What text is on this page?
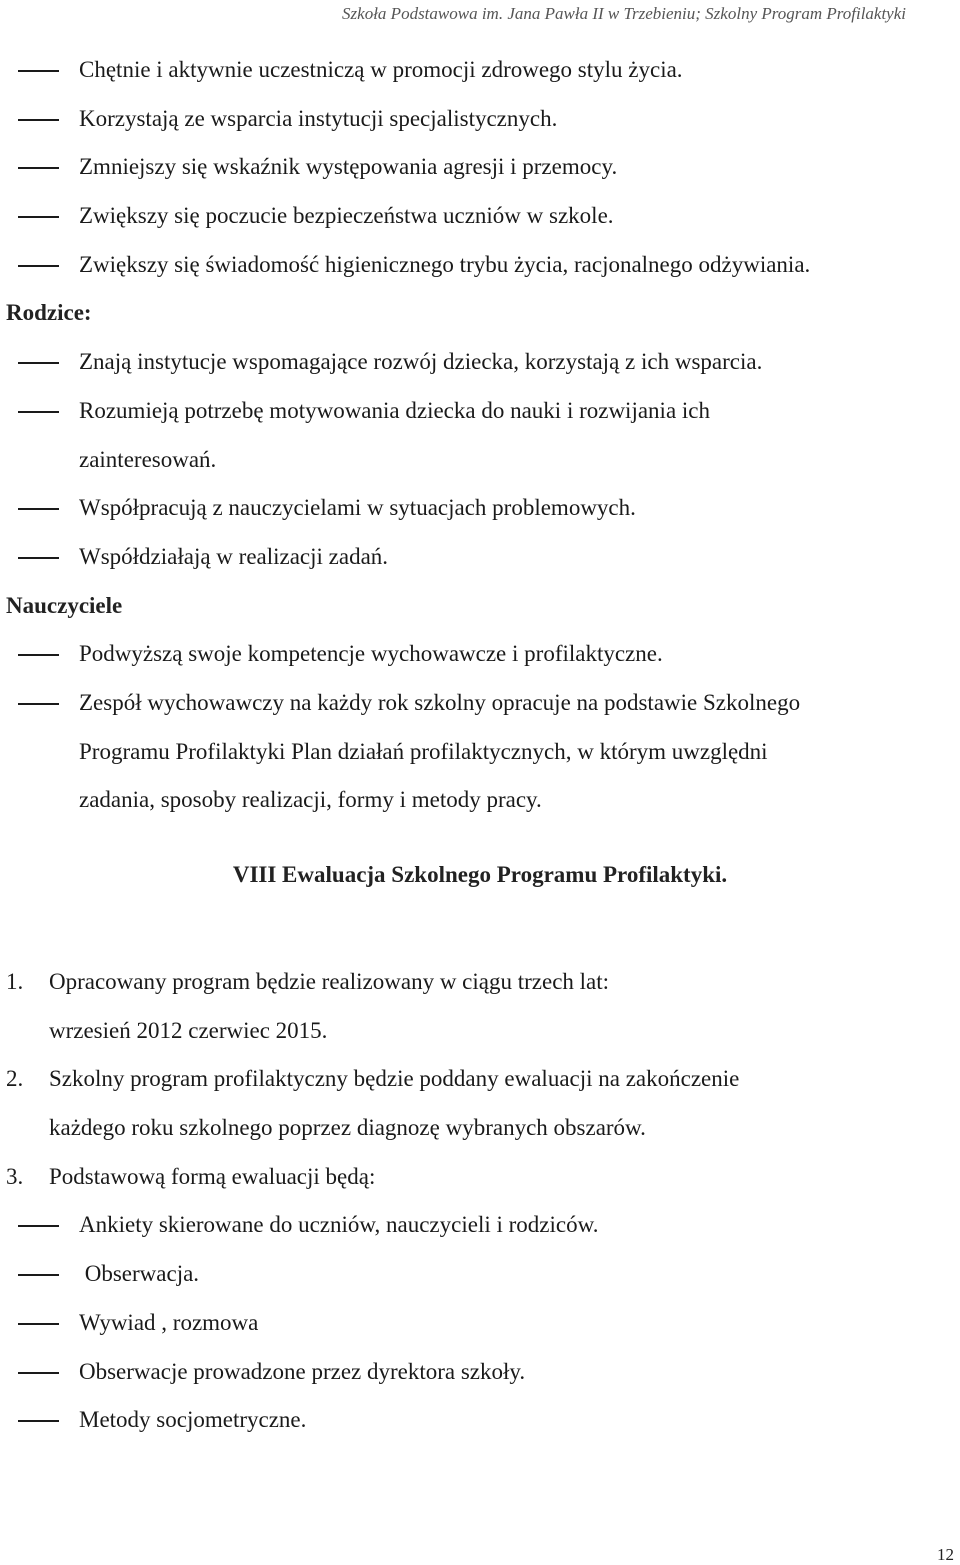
Szkoła Podstawowa im. Jana Pawła II w Trzebieniu; Szkolny Program Profilaktyki
Chętnie i aktywnie uczestniczą w promocji zdrowego stylu życia.
Korzystają ze wsparcia instytucji specjalistycznych.
Zmniejszy się wskaźnik występowania agresji i przemocy.
Zwiększy się poczucie bezpieczeństwa uczniów w szkole.
Zwiększy się świadomość higienicznego trybu życia, racjonalnego odżywiania.
Rodzice:
Znają instytucje wspomagające rozwój dziecka, korzystają z ich wsparcia.
Rozumieją potrzebę motywowania dziecka do nauki i rozwijania ich
zainteresowań.
Współpracują z nauczycielami w sytuacjach problemowych.
Współdziałają w realizacji zadań.
Nauczyciele
Podwyższą swoje kompetencje wychowawcze i profilaktyczne.
Zespół wychowawczy na każdy rok szkolny opracuje na podstawie Szkolnego
Programu Profilaktyki Plan działań profilaktycznych, w którym uwzględni
zadania, sposoby realizacji, formy i metody pracy.
VIII Ewaluacja Szkolnego Programu Profilaktyki.
1. Opracowany program będzie realizowany w ciągu trzech lat:
wrzesień 2012 czerwiec 2015.
2. Szkolny program profilaktyczny będzie poddany ewaluacji na zakończenie
każdego roku szkolnego poprzez diagnozę wybranych obszarów.
3. Podstawową formą ewaluacji będą:
Ankiety skierowane do uczniów, nauczycieli i rodziców.
Obserwacja.
Wywiad , rozmowa
Obserwacje prowadzone przez dyrektora szkoły.
Metody socjometryczne.
12
